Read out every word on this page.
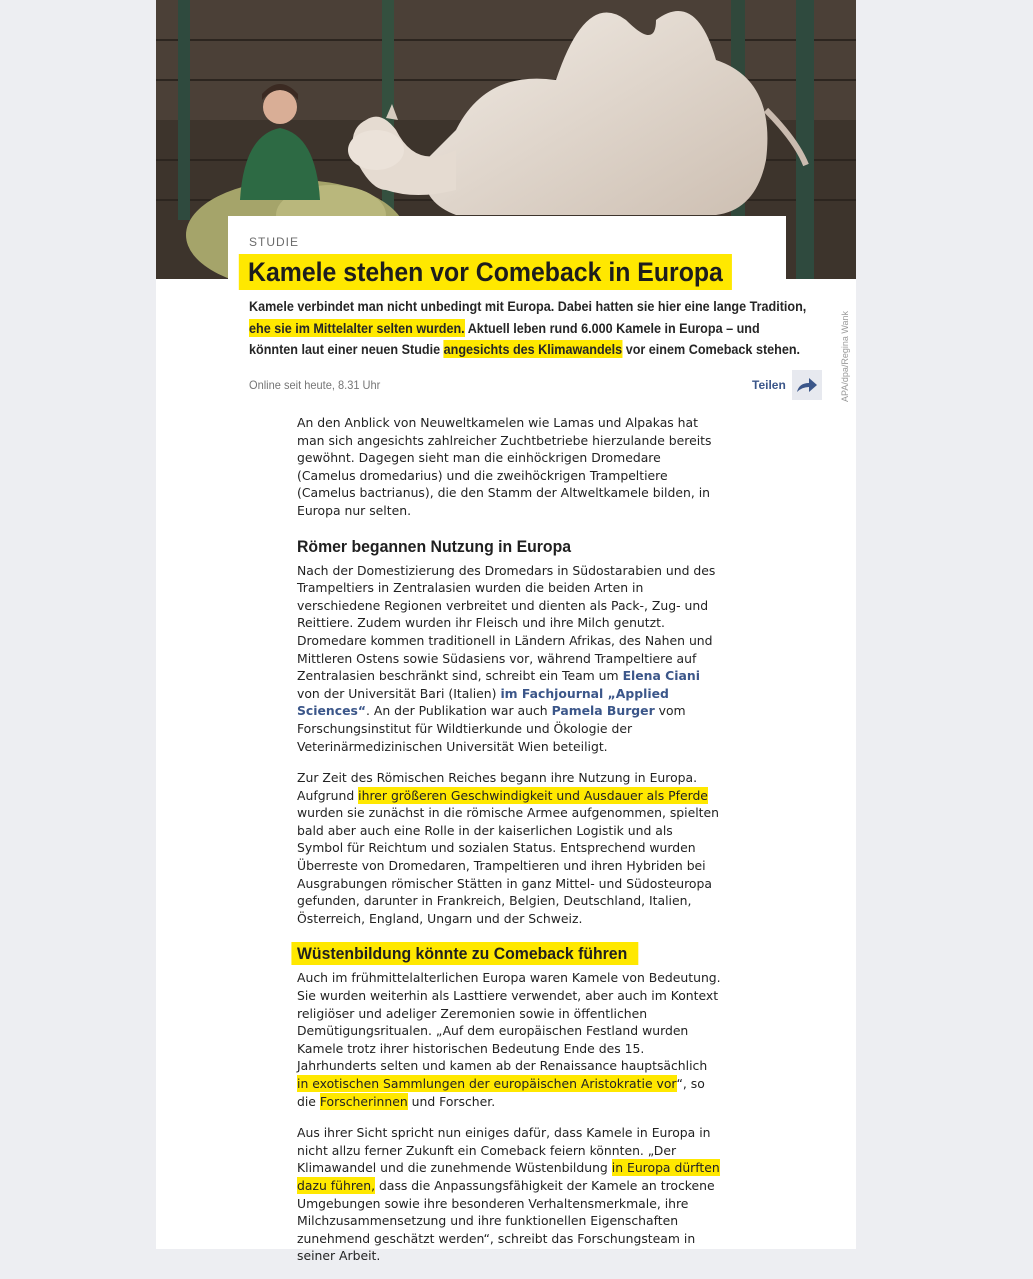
STUDIE
Kamele stehen vor Comeback in Europa
Kamele verbindet man nicht unbedingt mit Europa. Dabei hatten sie hier eine lange Tradition,
ehe sie im Mittelalter selten wurden. Aktuell leben rund 6.000 Kamele in Europa – und
könnten laut einer neuen Studie angesichts des Klimawandels vor einem Comeback stehen.
Online seit heute, 8.31 Uhr	Teilen	APA/dpa/Regina Wank

An den Anblick von Neuweltkamelen wie Lamas und Alpakas hat man sich angesichts zahlreicher Zuchtbetriebe hierzulande bereits gewöhnt. Dagegen sieht man die einhöckrigen Dromedare (Camelus dromedarius) und die zweihöckrigen Trampeltiere (Camelus bactrianus), die den Stamm der Altweltkamele bilden, in Europa nur selten.

Römer begannen Nutzung in Europa

Nach der Domestizierung des Dromedars in Südostarabien und des Trampeltiers in Zentralasien wurden die beiden Arten in verschiedene Regionen verbreitet und dienten als Pack-, Zug- und Reittiere. Zudem wurden ihr Fleisch und ihre Milch genutzt. Dromedare kommen traditionell in Ländern Afrikas, des Nahen und Mittleren Ostens sowie Südasiens vor, während Trampeltiere auf Zentralasien beschränkt sind, schreibt ein Team um Elena Ciani von der Universität Bari (Italien) im Fachjournal „Applied Sciences“. An der Publikation war auch Pamela Burger vom Forschungsinstitut für Wildtierkunde und Ökologie der Veterinärmedizinischen Universität Wien beteiligt.

Zur Zeit des Römischen Reiches begann ihre Nutzung in Europa. Aufgrund ihrer größeren Geschwindigkeit und Ausdauer als Pferde wurden sie zunächst in die römische Armee aufgenommen, spielten bald aber auch eine Rolle in der kaiserlichen Logistik und als Symbol für Reichtum und sozialen Status. Entsprechend wurden Überreste von Dromedaren, Trampeltieren und ihren Hybriden bei Ausgrabungen römischer Stätten in ganz Mittel- und Südosteuropa gefunden, darunter in Frankreich, Belgien, Deutschland, Italien, Österreich, England, Ungarn und der Schweiz.

Wüstenbildung könnte zu Comeback führen

Auch im frühmittelalterlichen Europa waren Kamele von Bedeutung. Sie wurden weiterhin als Lasttiere verwendet, aber auch im Kontext religiöser und adeliger Zeremonien sowie in öffentlichen Demütigungsritualen. „Auf dem europäischen Festland wurden Kamele trotz ihrer historischen Bedeutung Ende des 15. Jahrhunderts selten und kamen ab der Renaissance hauptsächlich in exotischen Sammlungen der europäischen Aristokratie vor“, so die Forscherinnen und Forscher.

Aus ihrer Sicht spricht nun einiges dafür, dass Kamele in Europa in nicht allzu ferner Zukunft ein Comeback feiern könnten. „Der Klimawandel und die zunehmende Wüstenbildung in Europa dürften dazu führen, dass die Anpassungsfähigkeit der Kamele an trockene Umgebungen sowie ihre besonderen Verhaltensmerkmale, ihre Milchzusammensetzung und ihre funktionellen Eigenschaften zunehmend geschätzt werden“, schreibt das Forschungsteam in seiner Arbeit.
